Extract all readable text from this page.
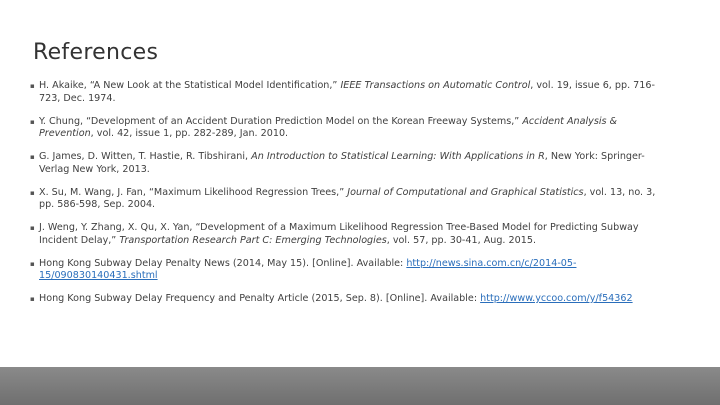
References
▪ H. Akaike, “A New Look at the Statistical Model Identification,” IEEE Transactions on Automatic Control, vol. 19, issue 6, pp. 716-723, Dec. 1974.
▪ Y. Chung, “Development of an Accident Duration Prediction Model on the Korean Freeway Systems,” Accident Analysis & Prevention, vol. 42, issue 1, pp. 282-289, Jan. 2010.
▪ G. James, D. Witten, T. Hastie, R. Tibshirani, An Introduction to Statistical Learning: With Applications in R, New York: Springer-Verlag New York, 2013.
▪ X. Su, M. Wang, J. Fan, “Maximum Likelihood Regression Trees,” Journal of Computational and Graphical Statistics, vol. 13, no. 3, pp. 586-598, Sep. 2004.
▪ J. Weng, Y. Zhang, X. Qu, X. Yan, “Development of a Maximum Likelihood Regression Tree-Based Model for Predicting Subway Incident Delay,” Transportation Research Part C: Emerging Technologies, vol. 57, pp. 30-41, Aug. 2015.
▪ Hong Kong Subway Delay Penalty News (2014, May 15). [Online]. Available: http://news.sina.com.cn/c/2014-05-15/090830140431.shtml
▪ Hong Kong Subway Delay Frequency and Penalty Article (2015, Sep. 8). [Online]. Available: http://www.yccoo.com/y/f54362
